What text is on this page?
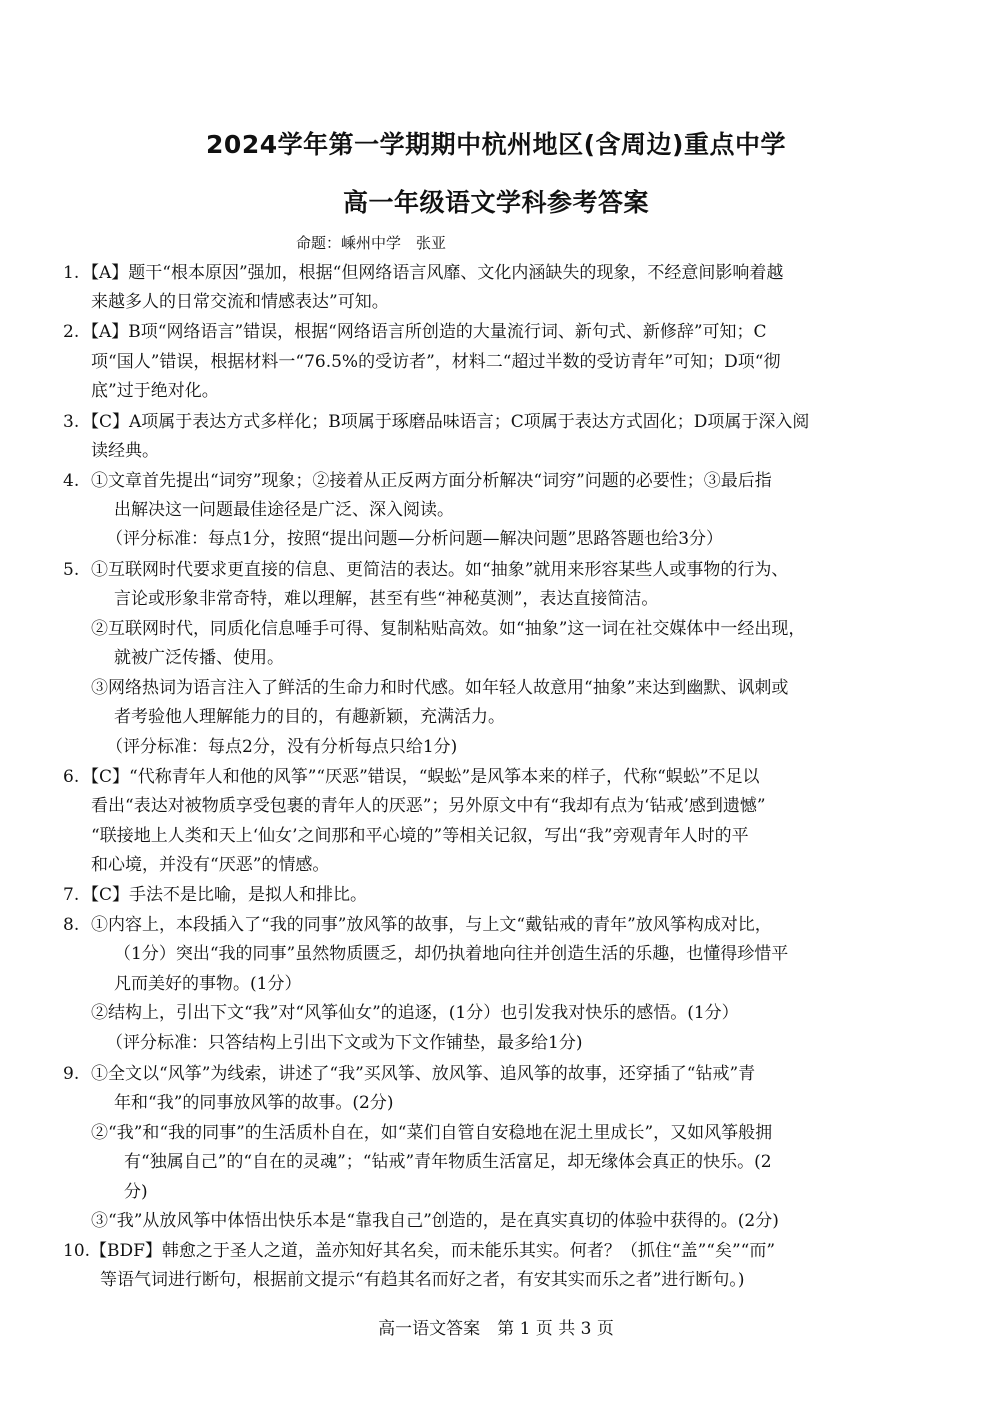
2024学年第一学期期中杭州地区(含周边)重点中学
高一年级语文学科参考答案
命题：嵊州中学　张亚
1. 【A】题干“根本原因”强加，根据“但网络语言风靡、文化内涵缺失的现象，不经意间影响着越
来越多人的日常交流和情感表达”可知。
2. 【A】B项“网络语言”错误，根据“网络语言所创造的大量流行词、新句式、新修辞”可知；C
项“国人”错误，根据材料一“76.5%的受访者”，材料二“超过半数的受访青年”可知；D项“彻
底”过于绝对化。
3. 【C】A项属于表达方式多样化；B项属于琢磨品味语言；C项属于表达方式固化；D项属于深入阅
读经典。
4. ①文章首先提出“词穷”现象；②接着从正反两方面分析解决“词穷”问题的必要性；③最后指
出解决这一问题最佳途径是广泛、深入阅读。
（评分标准：每点1分，按照“提出问题—分析问题—解决问题”思路答题也给3分）
5. ①互联网时代要求更直接的信息、更简洁的表达。如“抽象”就用来形容某些人或事物的行为、
言论或形象非常奇特，难以理解，甚至有些“神秘莫测”，表达直接简洁。
②互联网时代，同质化信息唾手可得、复制粘贴高效。如“抽象”这一词在社交媒体中一经出现，
就被广泛传播、使用。
③网络热词为语言注入了鲜活的生命力和时代感。如年轻人故意用“抽象”来达到幽默、讽刺或
者考验他人理解能力的目的，有趣新颖，充满活力。
（评分标准：每点2分，没有分析每点只给1分)
6. 【C】“代称青年人和他的风筝”“厌恶”错误，“蜈蚣”是风筝本来的样子，代称“蜈蚣”不足以
看出“表达对被物质享受包裹的青年人的厌恶”；另外原文中有“我却有点为‘钻戒’感到遗憾”
“联接地上人类和天上‘仙女’之间那和平心境的”等相关记叙，写出“我”旁观青年人时的平
和心境，并没有“厌恶”的情感。
7. 【C】手法不是比喻，是拟人和排比。
8. ①内容上，本段插入了“我的同事”放风筝的故事，与上文“戴钻戒的青年”放风筝构成对比，
（1分）突出“我的同事”虽然物质匮乏，却仍执着地向往并创造生活的乐趣，也懂得珍惜平
凡而美好的事物。(1分）
②结构上，引出下文“我”对“风筝仙女”的追逐，(1分）也引发我对快乐的感悟。(1分）
（评分标准：只答结构上引出下文或为下文作铺垫，最多给1分)
9. ①全文以“风筝”为线索，讲述了“我”买风筝、放风筝、追风筝的故事，还穿插了“钻戒”青
年和“我”的同事放风筝的故事。(2分)
②“我”和“我的同事”的生活质朴自在，如“菜们自管自安稳地在泥土里成长”，又如风筝般拥
有“独属自己”的“自在的灵魂”；“钻戒”青年物质生活富足，却无缘体会真正的快乐。(2
分)
③“我”从放风筝中体悟出快乐本是“靠我自己”创造的，是在真实真切的体验中获得的。(2分)
10. 【BDF】韩愈之于圣人之道，盖亦知好其名矣，而未能乐其实。何者？（抓住“盖”“矣”“而”
等语气词进行断句，根据前文提示“有趋其名而好之者，有安其实而乐之者”进行断句。)
高一语文答案　第 1 页 共 3 页
